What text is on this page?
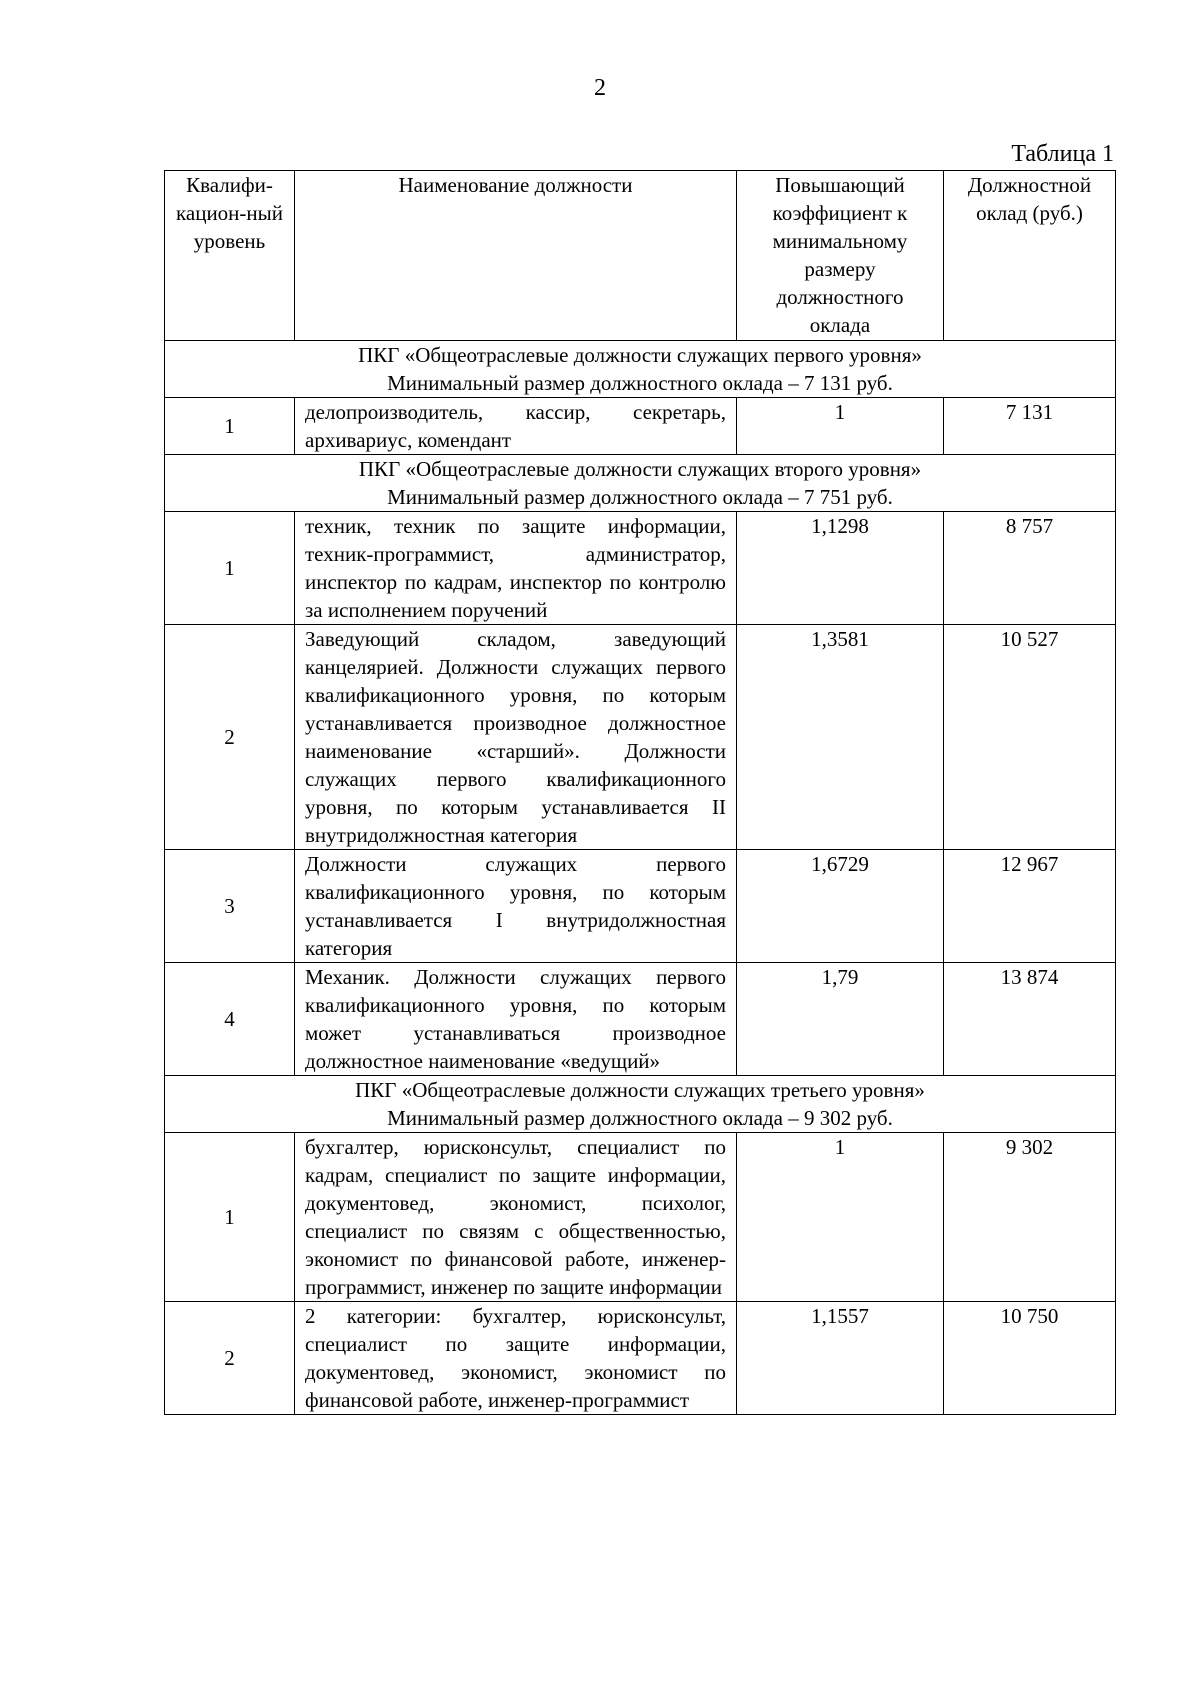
2
Таблица 1
Квалифи-кацион-ный уровень	Наименование должности	Повышающий коэффициент к минимальному размеру должностного оклада	Должностной оклад (руб.)

ПКГ «Общеотраслевые должности служащих первого уровня»
Минимальный размер должностного оклада – 7 131 руб.			

1	делопроизводитель, кассир, секретарь, архивариус, комендант	1	7 131

ПКГ «Общеотраслевые должности служащих второго уровня»
Минимальный размер должностного оклада – 7 751 руб.			

1	техник, техник по защите информации, техник-программист, администратор, инспектор по кадрам, инспектор по контролю за исполнением поручений	1,1298	8 757
2	Заведующий складом, заведующий канцелярией. Должности служащих первого квалификационного уровня, по которым устанавливается производное должностное наименование «старший». Должности служащих первого квалификационного уровня, по которым устанавливается II внутридолжностная категория	1,3581	10 527
3	Должности служащих первого квалификационного уровня, по которым устанавливается I внутридолжностная категория	1,6729	12 967
4	Механик. Должности служащих первого квалификационного уровня, по которым может устанавливаться производное должностное наименование «ведущий»	1,79	13 874

ПКГ «Общеотраслевые должности служащих третьего уровня»
Минимальный размер должностного оклада – 9 302 руб.			

1	бухгалтер, юрисконсульт, специалист по кадрам, специалист по защите информации, документовед, экономист, психолог, специалист по связям с общественностью, экономист по финансовой работе, инженер-программист, инженер по защите информации	1	9 302
2	2 категории: бухгалтер, юрисконсульт, специалист по защите информации, документовед, экономист, экономист по финансовой работе, инженер-программист	1,1557	10 750
